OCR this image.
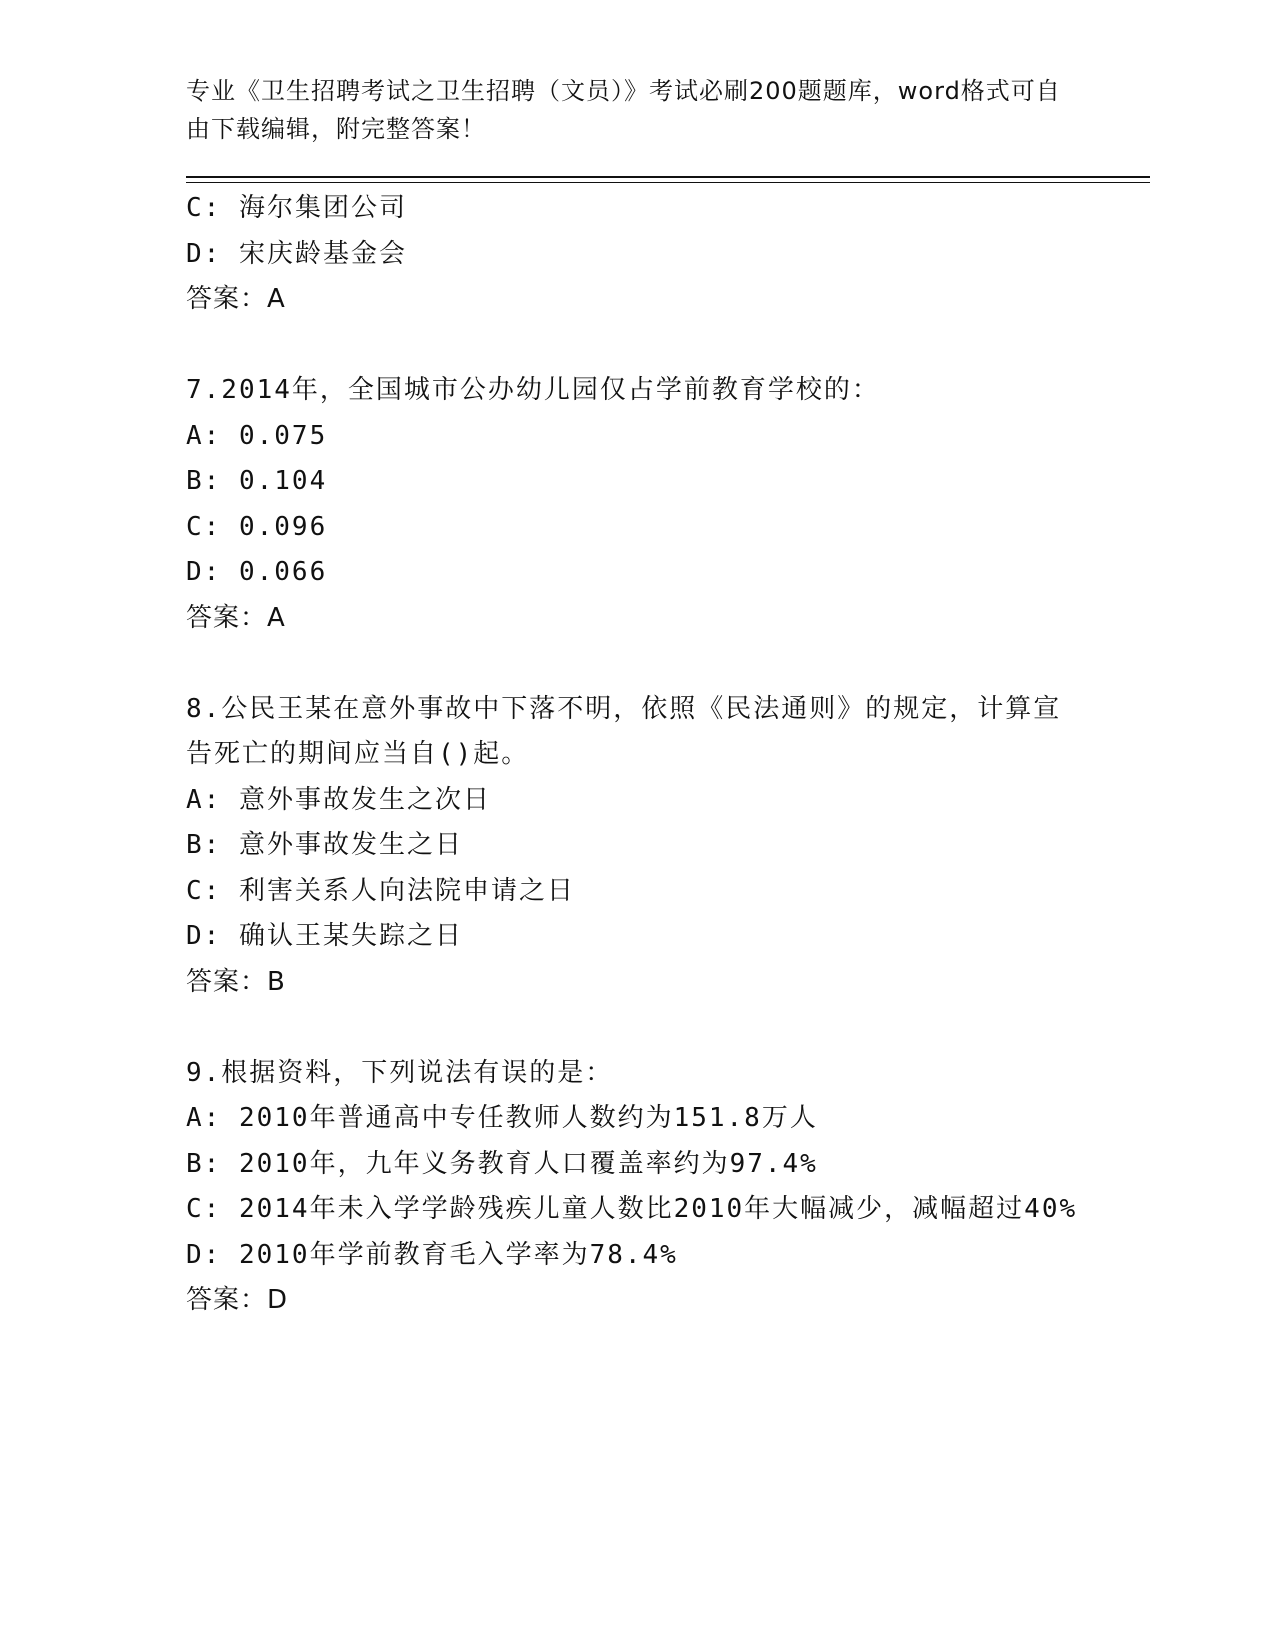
专业《卫生招聘考试之卫生招聘（文员）》考试必刷200题题库，word格式可自由下载编辑，附完整答案！
C: 海尔集团公司
D: 宋庆龄基金会
答案：A
7.2014年，全国城市公办幼儿园仅占学前教育学校的：
A: 0.075
B: 0.104
C: 0.096
D: 0.066
答案：A
8.公民王某在意外事故中下落不明，依照《民法通则》的规定，计算宣告死亡的期间应当自()起。
A: 意外事故发生之次日
B: 意外事故发生之日
C: 利害关系人向法院申请之日
D: 确认王某失踪之日
答案：B
9.根据资料，下列说法有误的是：
A: 2010年普通高中专任教师人数约为151.8万人
B: 2010年，九年义务教育人口覆盖率约为97.4%
C: 2014年未入学学龄残疾儿童人数比2010年大幅减少，减幅超过40%
D: 2010年学前教育毛入学率为78.4%
答案：D
